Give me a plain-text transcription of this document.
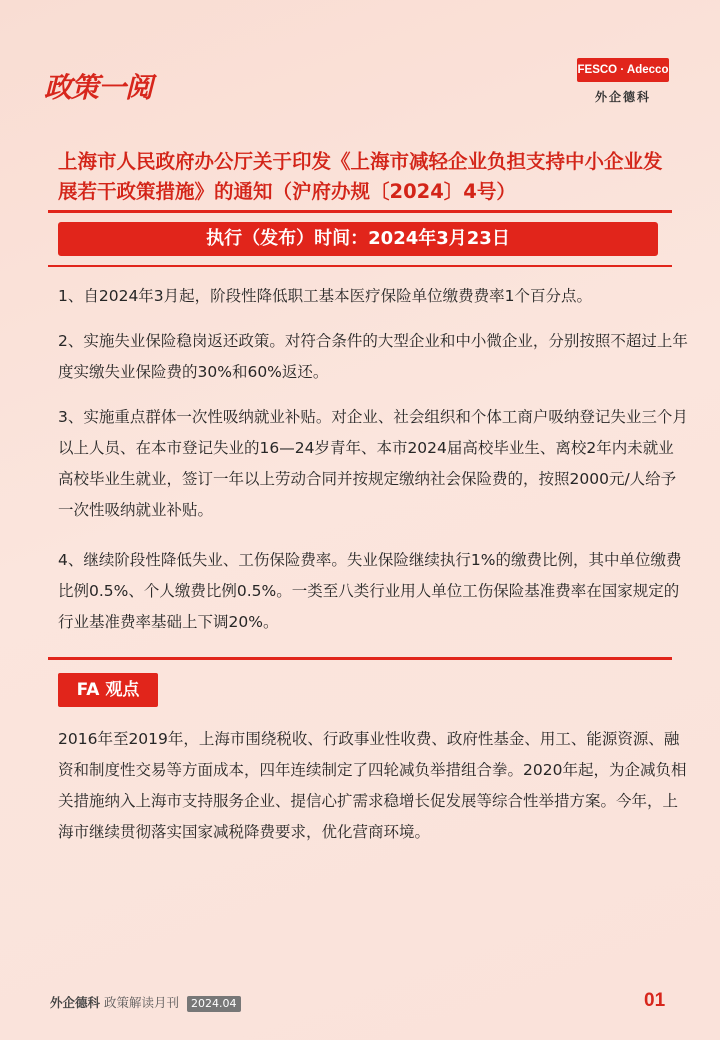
政策一阅
FESCO · Adecco
外企德科
上海市人民政府办公厅关于印发《上海市减轻企业负担支持中小企业发展若干政策措施》的通知（沪府办规〔2024〕4号）
执行（发布）时间：2024年3月23日
1、自2024年3月起，阶段性降低职工基本医疗保险单位缴费费率1个百分点。
2、实施失业保险稳岗返还政策。对符合条件的大型企业和中小微企业，分别按照不超过上年度实缴失业保险费的30%和60%返还。
3、实施重点群体一次性吸纳就业补贴。对企业、社会组织和个体工商户吸纳登记失业三个月以上人员、在本市登记失业的16—24岁青年、本市2024届高校毕业生、离校2年内未就业高校毕业生就业，签订一年以上劳动合同并按规定缴纳社会保险费的，按照2000元/人给予一次性吸纳就业补贴。
4、继续阶段性降低失业、工伤保险费率。失业保险继续执行1%的缴费比例，其中单位缴费比例0.5%、个人缴费比例0.5%。一类至八类行业用人单位工伤保险基准费率在国家规定的行业基准费率基础上下调20%。
FA 观点
2016年至2019年，上海市围绕税收、行政事业性收费、政府性基金、用工、能源资源、融资和制度性交易等方面成本，四年连续制定了四轮减负举措组合拳。2020年起，为企减负相关措施纳入上海市支持服务企业、提信心扩需求稳增长促发展等综合性举措方案。今年，上海市继续贯彻落实国家减税降费要求，优化营商环境。
外企德科 政策解读月刊 2024.04	01
